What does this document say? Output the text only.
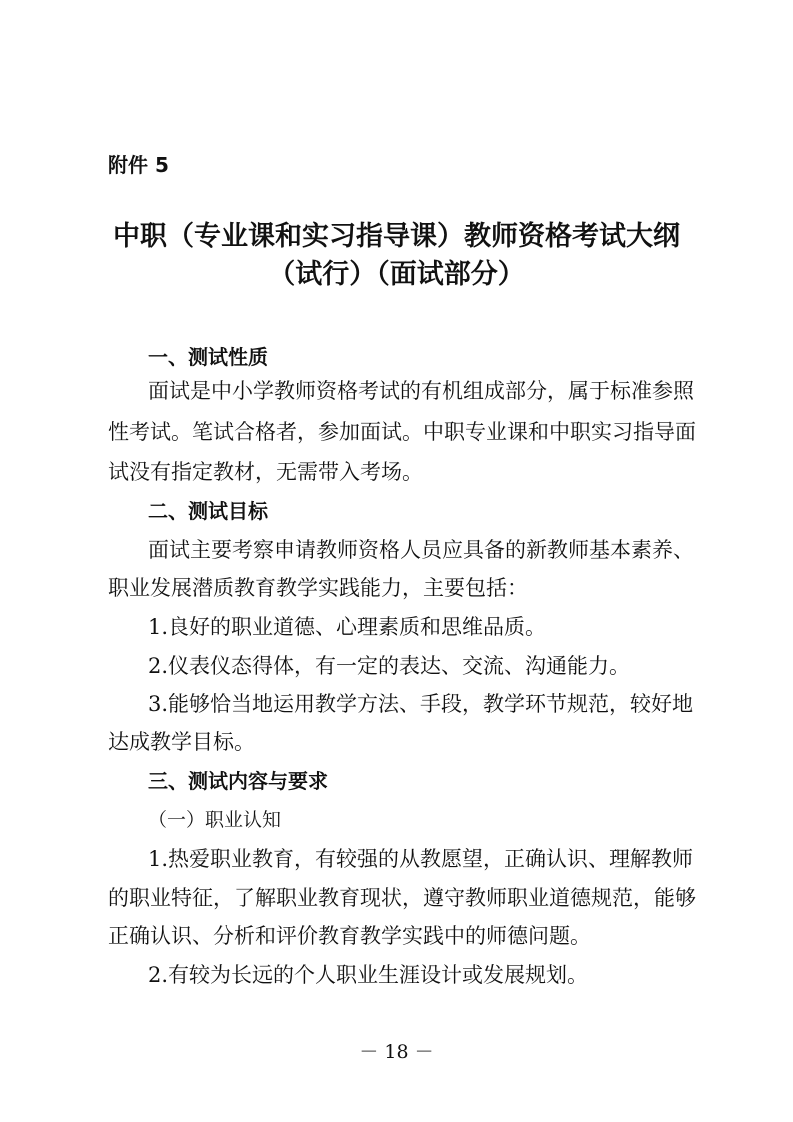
附件 5
中职（专业课和实习指导课）教师资格考试大纲
（试行）（面试部分）
一、测试性质
面试是中小学教师资格考试的有机组成部分，属于标准参照
性考试。笔试合格者，参加面试。中职专业课和中职实习指导面
试没有指定教材，无需带入考场。
二、测试目标
面试主要考察申请教师资格人员应具备的新教师基本素养、
职业发展潜质教育教学实践能力，主要包括：
1.良好的职业道德、心理素质和思维品质。
2.仪表仪态得体，有一定的表达、交流、沟通能力。
3.能够恰当地运用教学方法、手段，教学环节规范，较好地
达成教学目标。
三、测试内容与要求
（一）职业认知
1.热爱职业教育，有较强的从教愿望，正确认识、理解教师
的职业特征，了解职业教育现状，遵守教师职业道德规范，能够
正确认识、分析和评价教育教学实践中的师德问题。
2.有较为长远的个人职业生涯设计或发展规划。
－ 18 －
